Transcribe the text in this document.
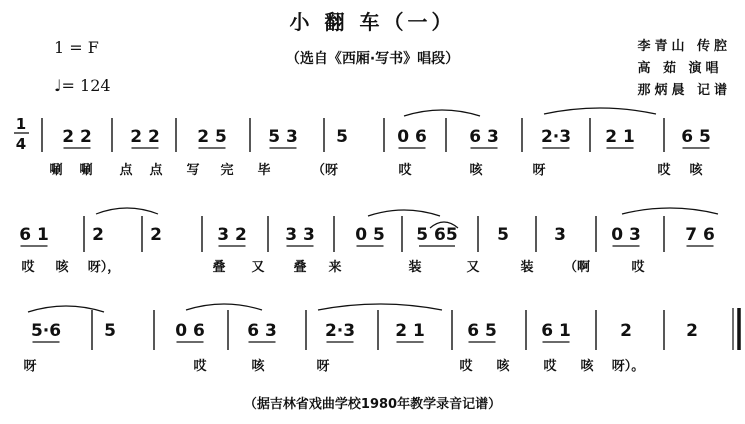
小 翻 车（一）
（选自《西厢·写书》唱段）
1 = F
♩= 124
李青山 传腔
高 茹 演唱
那炳晨 记谱
1
4 2 2 2 2 2 5 5 3 5	0 6 6 3 2·3 2 1	6 5
6 1	2	2	3 2 3 3 0 5 5 65 5	3	0 3	7 6
5·6	5	0 6 6 3	2·3 2 1 6 5	6 1	2	2
唰 唰 点 点 写 完 毕	（呀	哎	咳	呀	哎 咳
哎 咳 呀），	叠 又 叠 来	装	又	装 （啊	哎
呀	哎	咳	呀	哎 咳	哎 咳 呀）。
（据吉林省戏曲学校1980年教学录音记谱）
